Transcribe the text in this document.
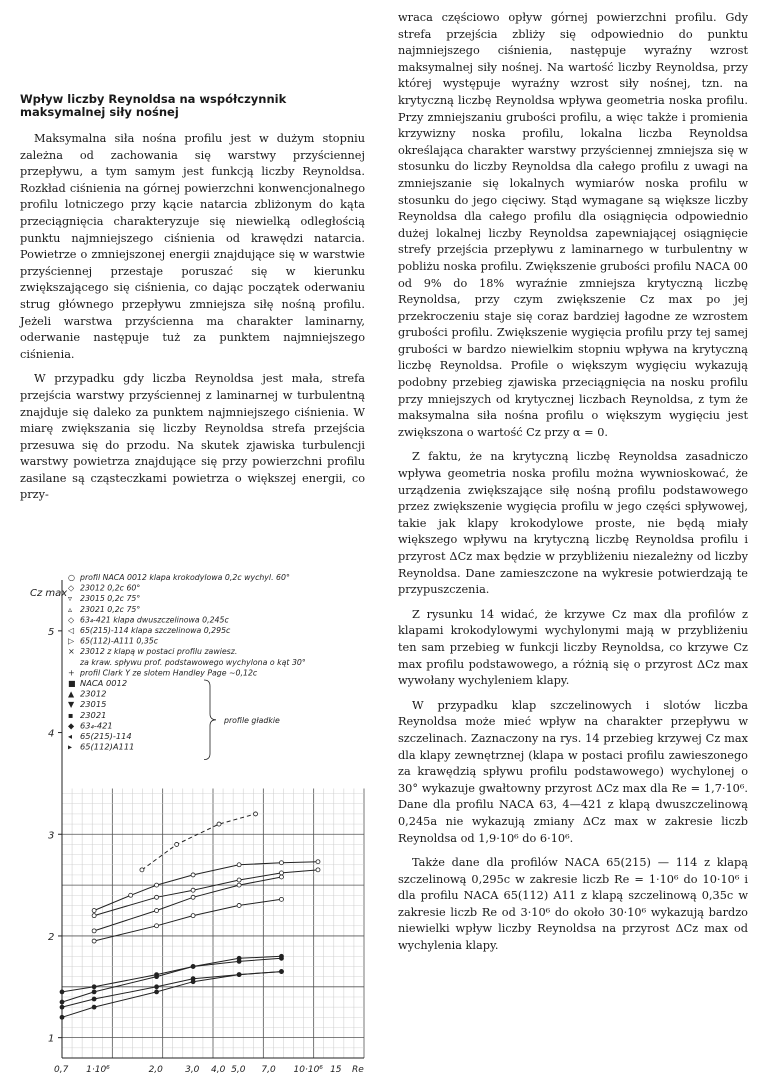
Wpływ liczby Reynoldsa na współczynnik maksymalnej siły nośnej

Maksymalna siła nośna profilu jest w dużym stopniu zależna od zachowania się warstwy przyściennej przepływu, a tym samym jest funkcją liczby Reynoldsa. Rozkład ciśnienia na górnej powierzchni konwencjonalnego profilu lotniczego przy kącie natarcia zbliżonym do kąta przeciągnięcia charakteryzuje się niewielką odległością punktu najmniejszego ciśnienia od krawędzi natarcia. Powietrze o zmniejszonej energii znajdujące się w warstwie przyściennej przestaje poruszać się w kierunku zwiększającego się ciśnienia, co dając początek oderwaniu strug głównego przepływu zmniejsza siłę nośną profilu. Jeżeli warstwa przyścienna ma charakter laminarny, oderwanie następuje tuż za punktem najmniejszego ciśnienia.

W przypadku gdy liczba Reynoldsa jest mała, strefa przejścia warstwy przyściennej z laminarnej w turbulentną znajduje się daleko za punktem najmniejszego ciśnienia. W miarę zwiększania się liczby Reynoldsa strefa przejścia przesuwa się do przodu. Na skutek zjawiska turbulencji warstwy powietrza znajdujące się przy powierzchni profilu zasilane są cząsteczkami powietrza o większej energii, co przy-

wraca częściowo opływ górnej powierzchni profilu. Gdy strefa przejścia zbliży się odpowiednio do punktu najmniejszego ciśnienia, następuje wyraźny wzrost maksymalnej siły nośnej. Na wartość liczby Reynoldsa, przy której występuje wyraźny wzrost siły nośnej, tzn. na krytyczną liczbę Reynoldsa wpływa geometria noska profilu. Przy zmniejszaniu grubości profilu, a więc także i promienia krzywizny noska profilu, lokalna liczba Reynoldsa określająca charakter warstwy przyściennej zmniejsza się w stosunku do liczby Reynoldsa dla całego profilu z uwagi na zmniejszanie się lokalnych wymiarów noska profilu w stosunku do jego cięciwy. Stąd wymagane są większe liczby Reynoldsa dla całego profilu dla osiągnięcia odpowiednio dużej lokalnej liczby Reynoldsa zapewniającej osiągnięcie strefy przejścia przepływu z laminarnego w turbulentny w pobliżu noska profilu. Zwiększenie grubości profilu NACA 00 od 9% do 18% wyraźnie zmniejsza krytyczną liczbę Reynoldsa, przy czym zwiększenie Cz max po jej przekroczeniu staje się coraz bardziej łagodne ze wzrostem grubości profilu. Zwiększenie wygięcia profilu przy tej samej grubości w bardzo niewielkim stopniu wpływa na krytyczną liczbę Reynoldsa. Profile o większym wygięciu wykazują podobny przebieg zjawiska przeciągnięcia na nosku profilu przy mniejszych od krytycznej liczbach Reynoldsa, z tym że maksymalna siła nośna profilu o większym wygięciu jest zwiększona o wartość Cz przy α = 0.

Z faktu, że na krytyczną liczbę Reynoldsa zasadniczo wpływa geometria noska profilu można wywnioskować, że urządzenia zwiększające siłę nośną profilu podstawowego przez zwiększenie wygięcia profilu w jego części spływowej, takie jak klapy krokodylowe proste, nie będą miały większego wpływu na krytyczną liczbę Reynoldsa profilu i przyrost ΔCz max będzie w przybliżeniu niezależny od liczby Reynoldsa. Dane zamieszczone na wykresie potwierdzają te przypuszczenia.

Z rysunku 14 widać, że krzywe Cz max dla profilów z klapami krokodylowymi wychylonymi mają w przybliżeniu ten sam przebieg w funkcji liczby Reynoldsa, co krzywe Cz max profilu podstawowego, a różnią się o przyrost ΔCz max wywołany wychyleniem klapy.

W przypadku klap szczelinowych i slotów liczba Reynoldsa może mieć wpływ na charakter przepływu w szczelinach. Zaznaczony na rys. 14 przebieg krzywej Cz max dla klapy zewnętrznej (klapa w postaci profilu zawieszonego za krawędzią spływu profilu podstawowego) wychylonej o 30° wykazuje gwałtowny przyrost ΔCz max dla Re = 1,7·10⁶. Dane dla profilu NACA 63, 4—421 z klapą dwuszczelinową 0,245a nie wykazują zmiany ΔCz max w zakresie liczb Reynoldsa od 1,9·10⁶ do 6·10⁶.

Także dane dla profilów NACA 65(215) — 114 z klapą szczelinową 0,295c w zakresie liczb Re = 1·10⁶ do 10·10⁶ i dla profilu NACA 65(112) A11 z klapą szczelinową 0,35c w zakresie liczb Re od 3·10⁶ do około 30·10⁶ wykazują bardzo niewielki wpływ liczby Reynoldsa na przyrost ΔCz max od wychylenia klapy.

Cz max
○ profil NACA 0012 klapa krokodylowa 0,2c wychyl. 60°
◇ 23012 0,2c 60°
▿ 23015 0,2c 75°
▵ 23021 0,2c 75°
◇ 63₄-421 klapa dwuszczelinowa 0,245c
◁ 65(215)-114 klapa szczelinowa 0,295c
▷ 65(112)-A111 0,35c
× 23012 z klapą w postaci profilu zawiesz.
za kraw. spływu prof. podstawowego wychylona o kąt 30°
+ profil Clark Y ze slotem Handley Page ~0,12c
■ NACA 0012
▲ 23012
▼ 23015
▪ 23021
◆ 63₄-421
◂ 65(215)-114
▸ 65(112)A111
profile gładkie
5
4
3
2
1
0,7 1·10⁶	2,0 3,0 4,0 5,0 7,0 10·10⁶ 15 Re
